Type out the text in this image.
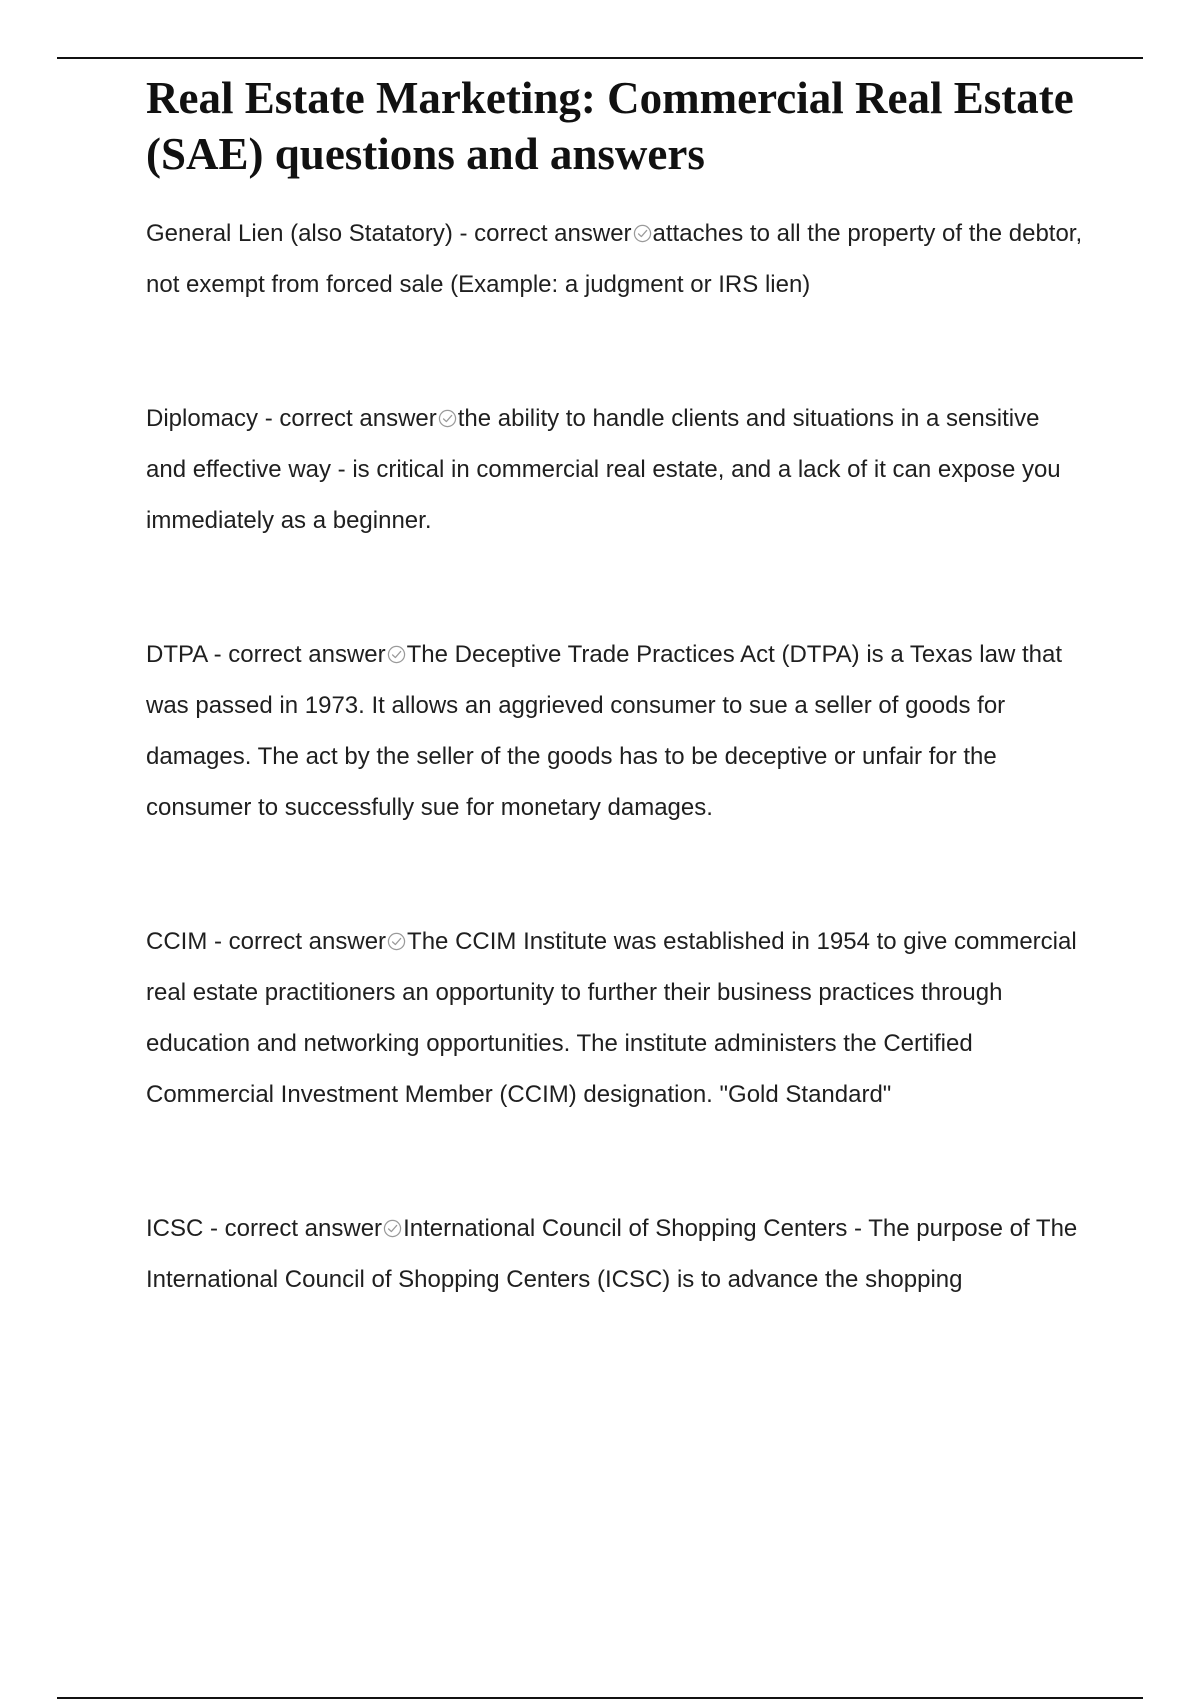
Real Estate Marketing: Commercial Real Estate (SAE) questions and answers

General Lien (also Statatory) - correct answer attaches to all the property of the debtor, not exempt from forced sale (Example: a judgment or IRS lien)

Diplomacy - correct answer the ability to handle clients and situations in a sensitive and effective way - is critical in commercial real estate, and a lack of it can expose you immediately as a beginner.

DTPA - correct answer The Deceptive Trade Practices Act (DTPA) is a Texas law that was passed in 1973. It allows an aggrieved consumer to sue a seller of goods for damages. The act by the seller of the goods has to be deceptive or unfair for the consumer to successfully sue for monetary damages.

CCIM - correct answer The CCIM Institute was established in 1954 to give commercial real estate practitioners an opportunity to further their business practices through education and networking opportunities. The institute administers the Certified Commercial Investment Member (CCIM) designation. "Gold Standard"

ICSC - correct answer International Council of Shopping Centers - The purpose of The International Council of Shopping Centers (ICSC) is to advance the shopping
